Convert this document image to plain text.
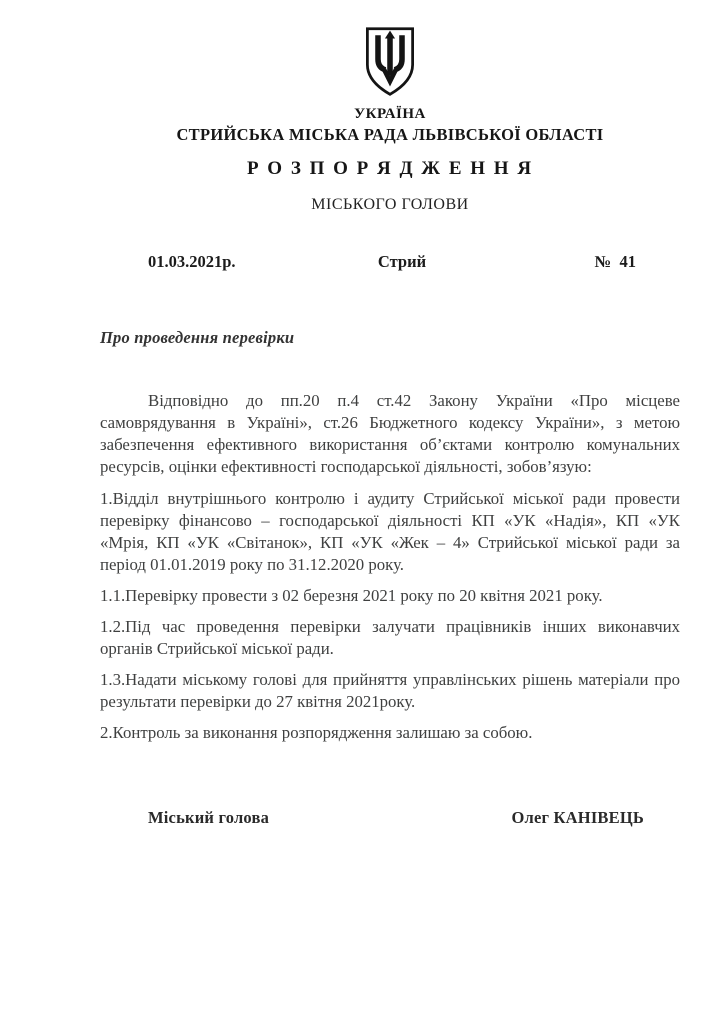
УКРАЇНА
СТРИЙСЬКА МІСЬКА РАДА ЛЬВІВСЬКОЇ ОБЛАСТІ
Р О З П О Р Я Д Ж Е Н Н Я
МІСЬКОГО ГОЛОВИ
01.03.2021р.	Стрий	№  41
Про проведення перевірки

Відповідно до пп.20 п.4 ст.42 Закону України «Про місцеве самоврядування в Україні», ст.26 Бюджетного кодексу України», з метою забезпечення ефективного використання об’єктами контролю комунальних ресурсів, оцінки ефективності господарської діяльності, зобов’язую:

1.Відділ внутрішнього контролю і аудиту Стрийської міської ради провести перевірку фінансово – господарської діяльності КП «УК «Надія», КП «УК «Мрія, КП «УК «Світанок», КП «УК «Жек – 4» Стрийської міської ради за період 01.01.2019 року по 31.12.2020 року.

1.1.Перевірку провести з 02 березня 2021 року по 20 квітня 2021 року.

1.2.Під час проведення перевірки залучати працівників інших виконавчих органів Стрийської міської ради.

1.3.Надати міському голові для прийняття управлінських рішень матеріали про результати перевірки до 27 квітня 2021року.

2.Контроль за виконання розпорядження залишаю за собою.

Міський голова	Олег КАНІВЕЦЬ
